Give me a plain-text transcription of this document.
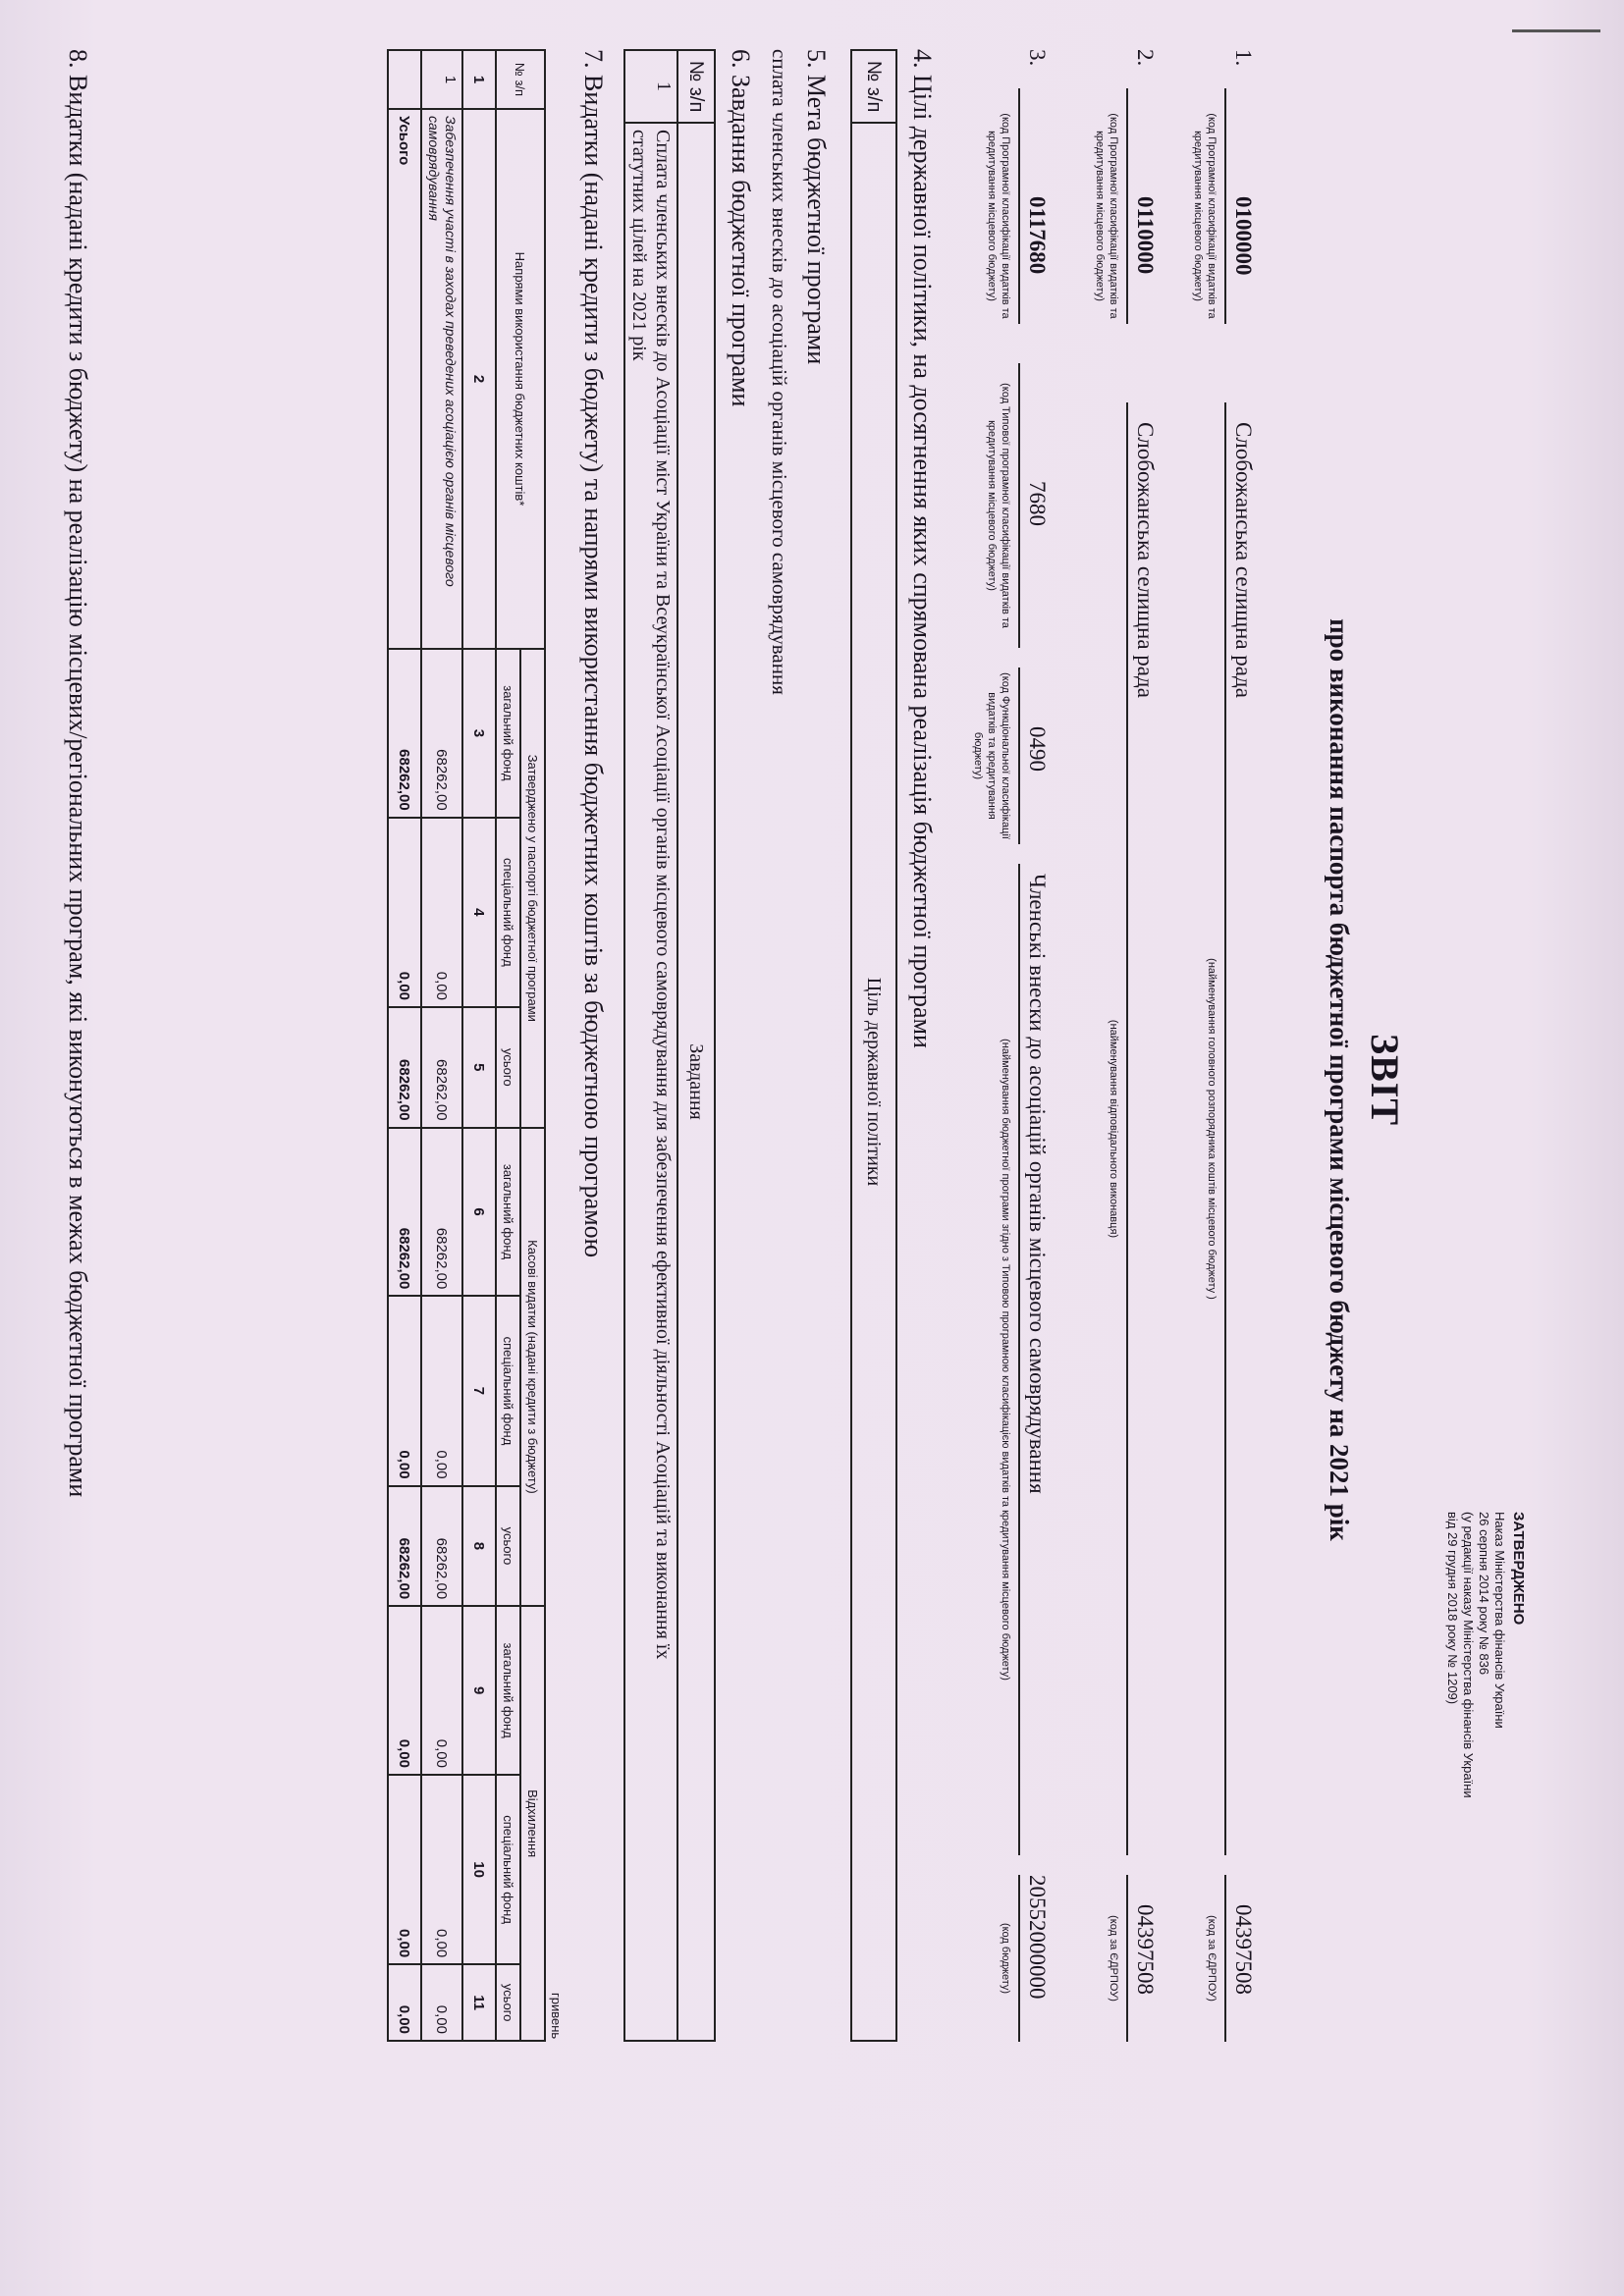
ЗАТВЕРДЖЕНО
Наказ Міністерства фінансів України
26 серпня 2014 року № 836
(у редакції наказу Міністерства фінансів України
від 29 грудня 2018 року № 1209)
ЗВІТ
про виконання паспорта бюджетної програми місцевого бюджету на 2021 рік
1.
0100000
(код Програмної класифікації видатків та кредитування місцевого бюджету)
Слобожанська селищна рада
(найменування головного розпорядника коштів місцевого бюджету )
04397508
(код за ЄДРПОУ)
2.
0110000
(код Програмної класифікації видатків та кредитування місцевого бюджету)
Слобожанська селищна рада
(найменування відповідального виконавця)
04397508
(код за ЄДРПОУ)
3.
0117680
(код Програмної класифікації видатків та кредитування місцевого бюджету)
7680
(код Типової програмної класифікації видатків та кредитування місцевого бюджету)
0490
(код Функціональної класифікації видатків та кредитування бюджету)
Членські внески до асоціацій органів місцевого самоврядування
(найменування бюджетної програми згідно з Типовою програмною класифікацією видатків та кредитування місцевого бюджету)
20552000000
(код бюджету)
4. Цілі державної політики, на досягнення яких спрямована реалізація бюджетної програми
№ з/п	Ціль державної політики
5. Мета бюджетної програми
сплата членських внесків до асоціацій органів місцевого самоврядування
6. Завдання бюджетної програми
№ з/п	Завдання
1	Сплата членських внесків до Асоціації міст України та Всеукраїнської Асоціації органів місцевого самоврядування для забезпечення ефективної діяльності Асоціацій та виконання їх
статутних цілей на 2021 рік
7. Видатки (надані кредити з бюджету) та напрями використання бюджетних коштів за бюджетною програмою
гривень
№ з/п	Напрями використання бюджетних коштів*	Затверджено у паспорті бюджетної програми			Касові видатки (надані кредити з бюджету)			Відхилення		
		загальний фонд	спеціальний фонд	усього	загальний фонд	спеціальний фонд	усього	загальний фонд	спеціальний фонд	усього
1	2	3	4	5	6	7	8	9	10	11
1	Забезпечення участі в заходах преведених асоціацією органів місцевого самоврядування	68262,00	0,00	68262,00	68262,00	0,00	68262,00	0,00	0,00	0,00
	Усього	68262,00	0,00	68262,00	68262,00	0,00	68262,00	0,00	0,00	0,00
8. Видатки (надані кредити з бюджету) на реалізацію місцевих/регіональних програм, які виконуються в межах бюджетної програми
